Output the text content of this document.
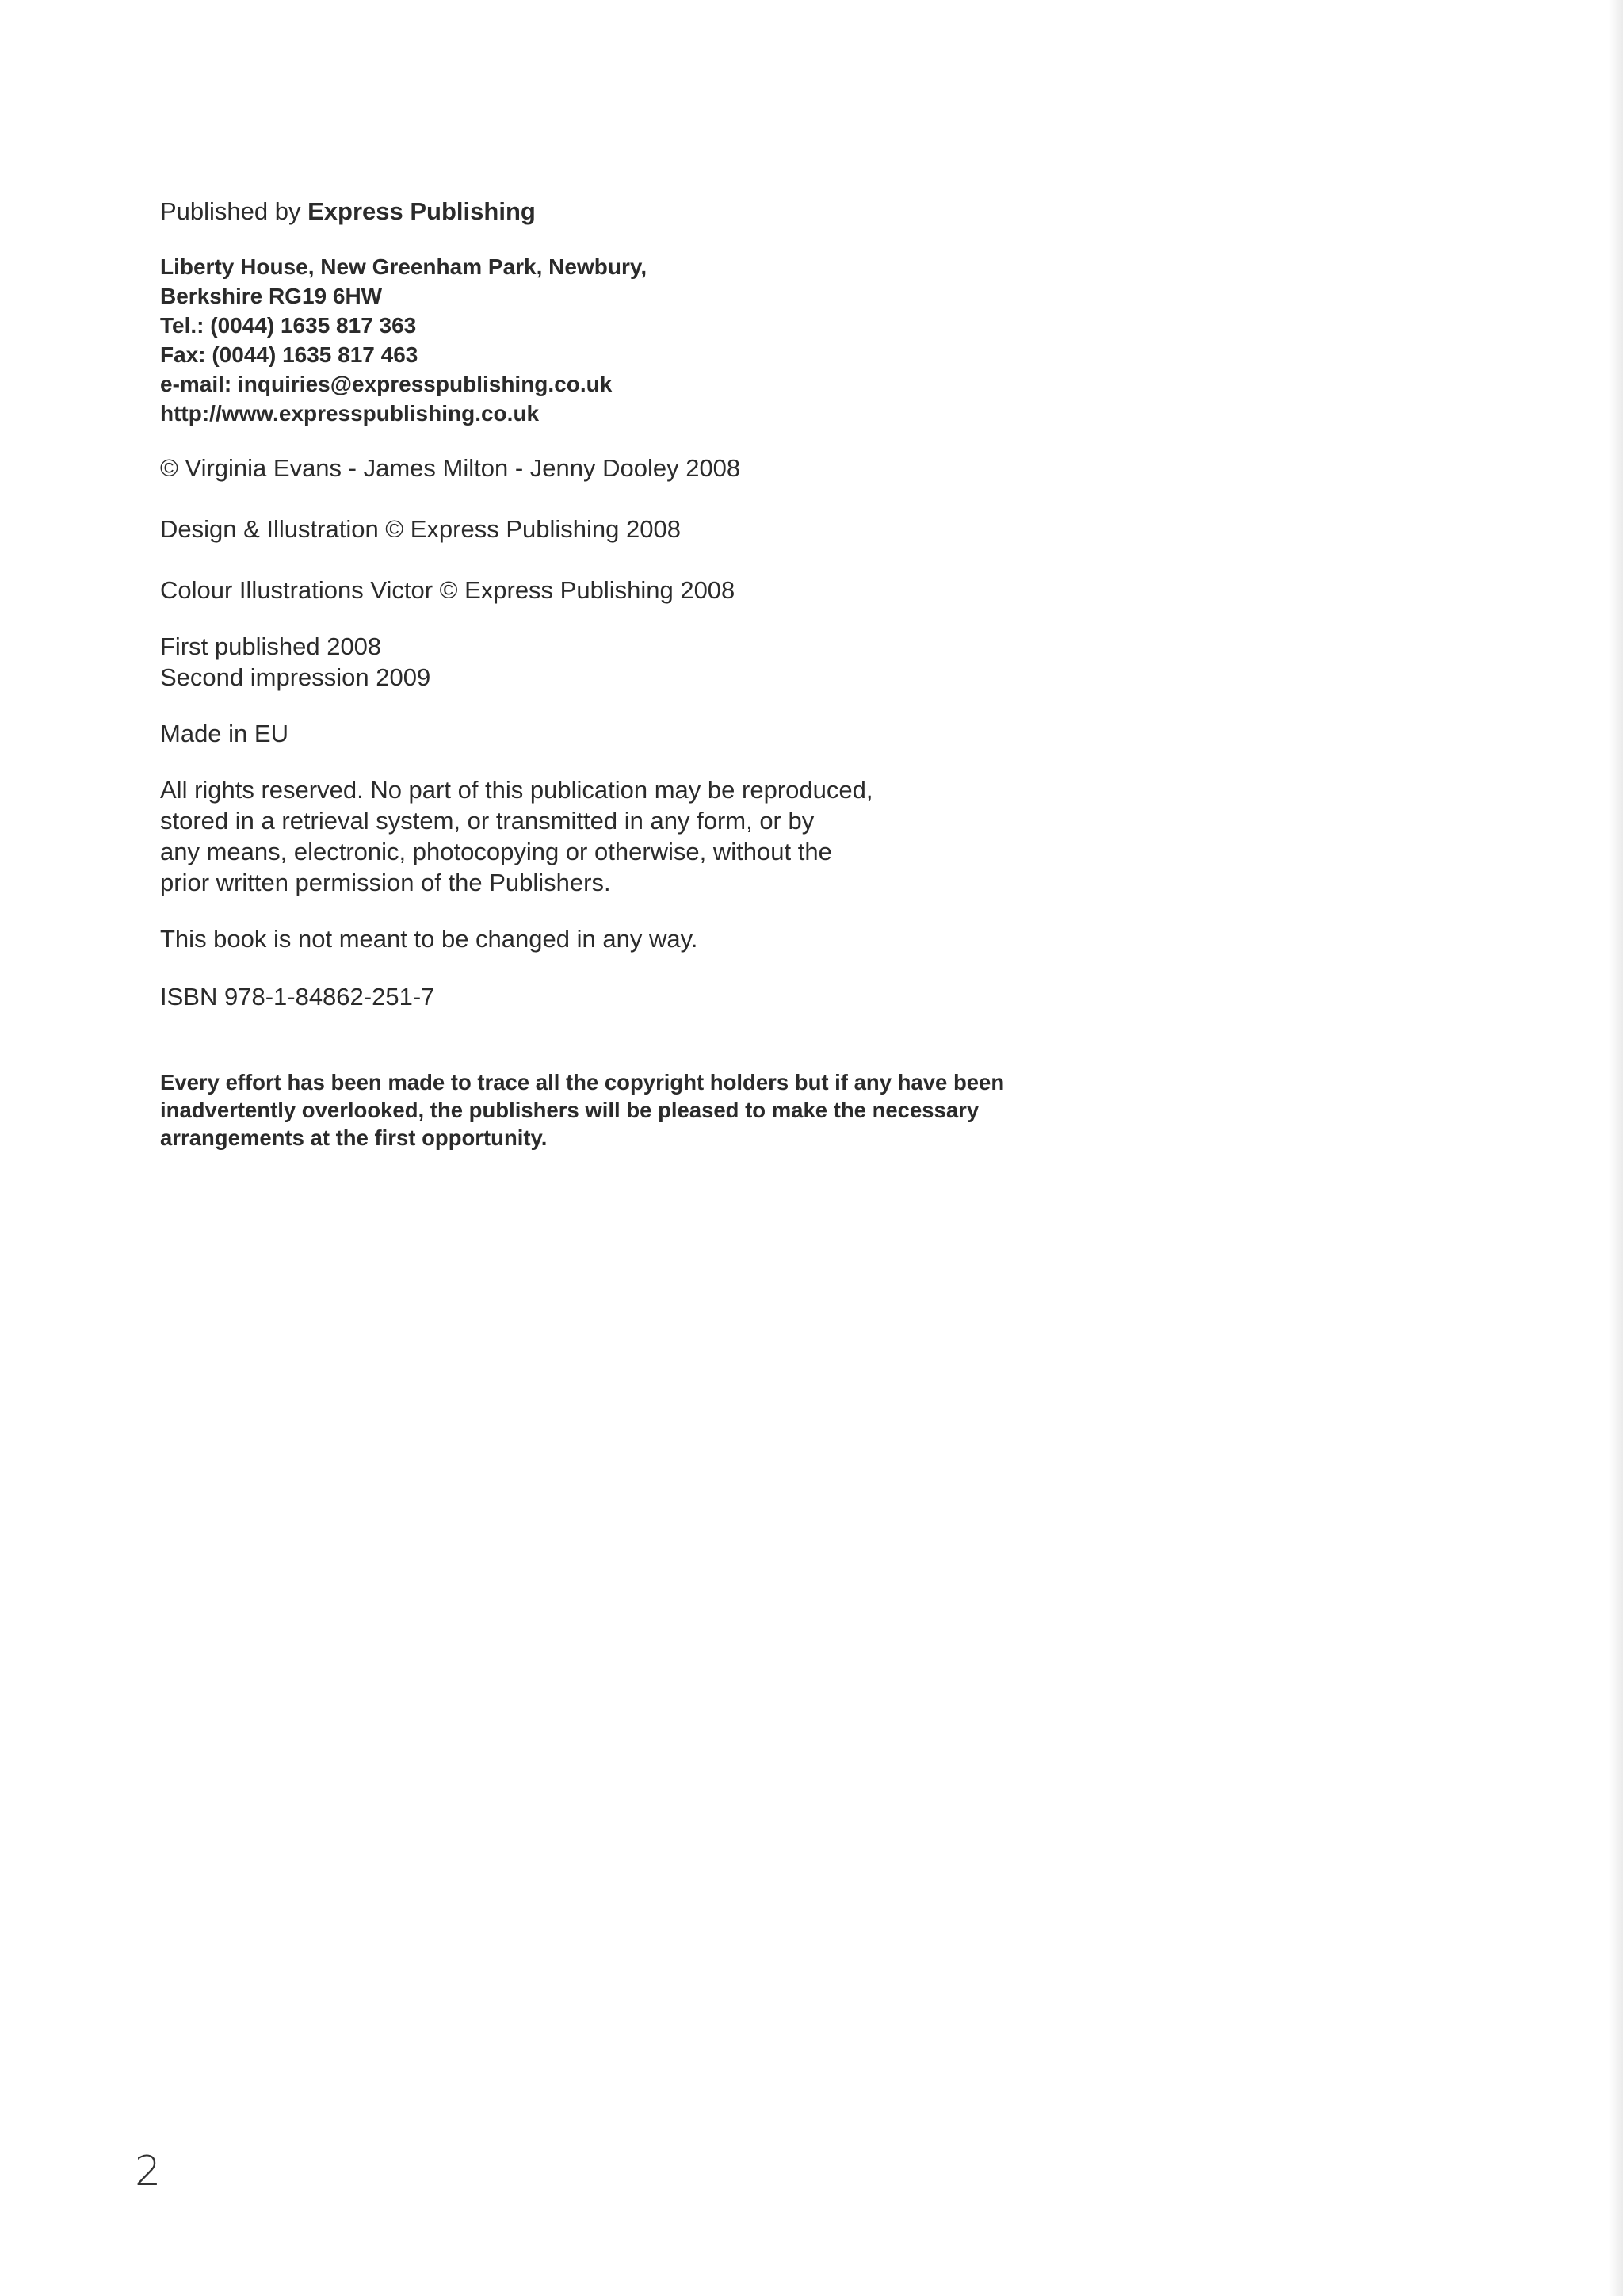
Published by Express Publishing
Liberty House, New Greenham Park, Newbury,
Berkshire RG19 6HW
Tel.: (0044) 1635 817 363
Fax: (0044) 1635 817 463
e-mail: inquiries@expresspublishing.co.uk
http://www.expresspublishing.co.uk
© Virginia Evans - James Milton - Jenny Dooley 2008
Design & Illustration © Express Publishing 2008
Colour Illustrations Victor © Express Publishing 2008
First published 2008
Second impression 2009
Made in EU
All rights reserved. No part of this publication may be reproduced,
stored in a retrieval system, or transmitted in any form, or by
any means, electronic, photocopying or otherwise, without the
prior written permission of the Publishers.
This book is not meant to be changed in any way.
ISBN 978-1-84862-251-7
Every effort has been made to trace all the copyright holders but if any have been
inadvertently overlooked, the publishers will be pleased to make the necessary
arrangements at the first opportunity.
2
